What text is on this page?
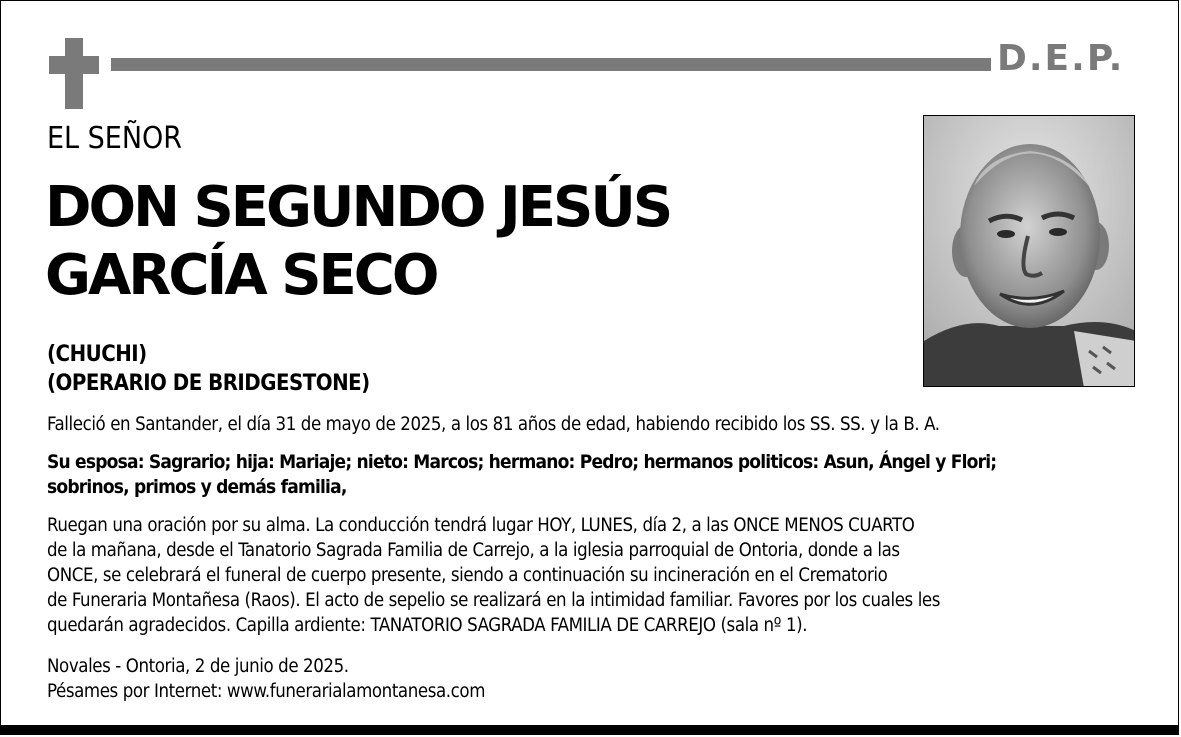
D.E.P.
EL SEÑOR
DON SEGUNDO JESÚS
GARCÍA SECO
(CHUCHI)
(OPERARIO DE BRIDGESTONE)
Falleció en Santander, el día 31 de mayo de 2025, a los 81 años de edad, habiendo recibido los SS. SS. y la B. A.
Su esposa: Sagrario; hija: Mariaje; nieto: Marcos; hermano: Pedro; hermanos politicos: Asun, Ángel y Flori;
sobrinos, primos y demás familia,
Ruegan una oración por su alma. La conducción tendrá lugar HOY, LUNES, día 2, a las ONCE MENOS CUARTO
de la mañana, desde el Tanatorio Sagrada Familia de Carrejo, a la iglesia parroquial de Ontoria, donde a las
ONCE, se celebrará el funeral de cuerpo presente, siendo a continuación su incineración en el Crematorio
de Funeraria Montañesa (Raos). El acto de sepelio se realizará en la intimidad familiar. Favores por los cuales les
quedarán agradecidos. Capilla ardiente: TANATORIO SAGRADA FAMILIA DE CARREJO (sala nº 1).
Novales - Ontoria, 2 de junio de 2025.
Pésames por Internet: www.funerarialamontanesa.com
